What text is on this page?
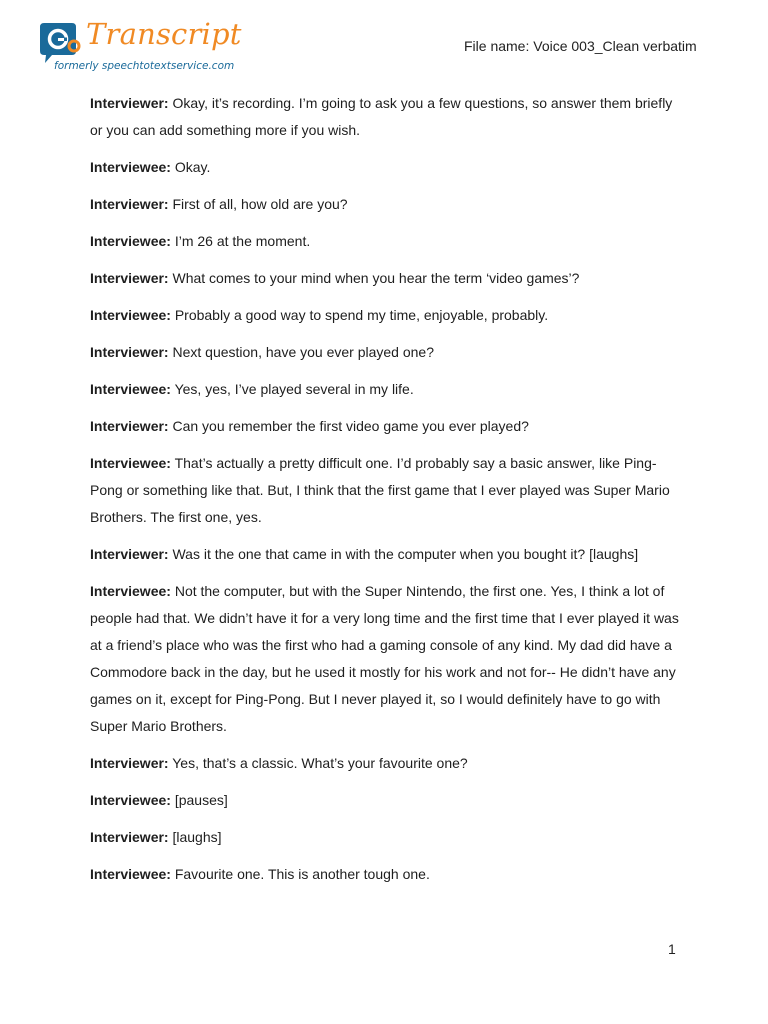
Transcript
formerly speechtotextservice.com
File name: Voice 003_Clean verbatim

Interviewer: Okay, it’s recording. I’m going to ask you a few questions, so answer them briefly or you can add something more if you wish.

Interviewee: Okay.

Interviewer: First of all, how old are you?

Interviewee: I’m 26 at the moment.

Interviewer: What comes to your mind when you hear the term ‘video games’?

Interviewee: Probably a good way to spend my time, enjoyable, probably.

Interviewer: Next question, have you ever played one?

Interviewee: Yes, yes, I’ve played several in my life.

Interviewer: Can you remember the first video game you ever played?

Interviewee: That’s actually a pretty difficult one. I’d probably say a basic answer, like Ping-Pong or something like that. But, I think that the first game that I ever played was Super Mario Brothers. The first one, yes.

Interviewer: Was it the one that came in with the computer when you bought it? [laughs]

Interviewee: Not the computer, but with the Super Nintendo, the first one. Yes, I think a lot of people had that. We didn’t have it for a very long time and the first time that I ever played it was at a friend’s place who was the first who had a gaming console of any kind. My dad did have a Commodore back in the day, but he used it mostly for his work and not for-- He didn’t have any games on it, except for Ping-Pong. But I never played it, so I would definitely have to go with Super Mario Brothers.

Interviewer: Yes, that’s a classic. What’s your favourite one?

Interviewee: [pauses]

Interviewer: [laughs]

Interviewee: Favourite one. This is another tough one.

1
